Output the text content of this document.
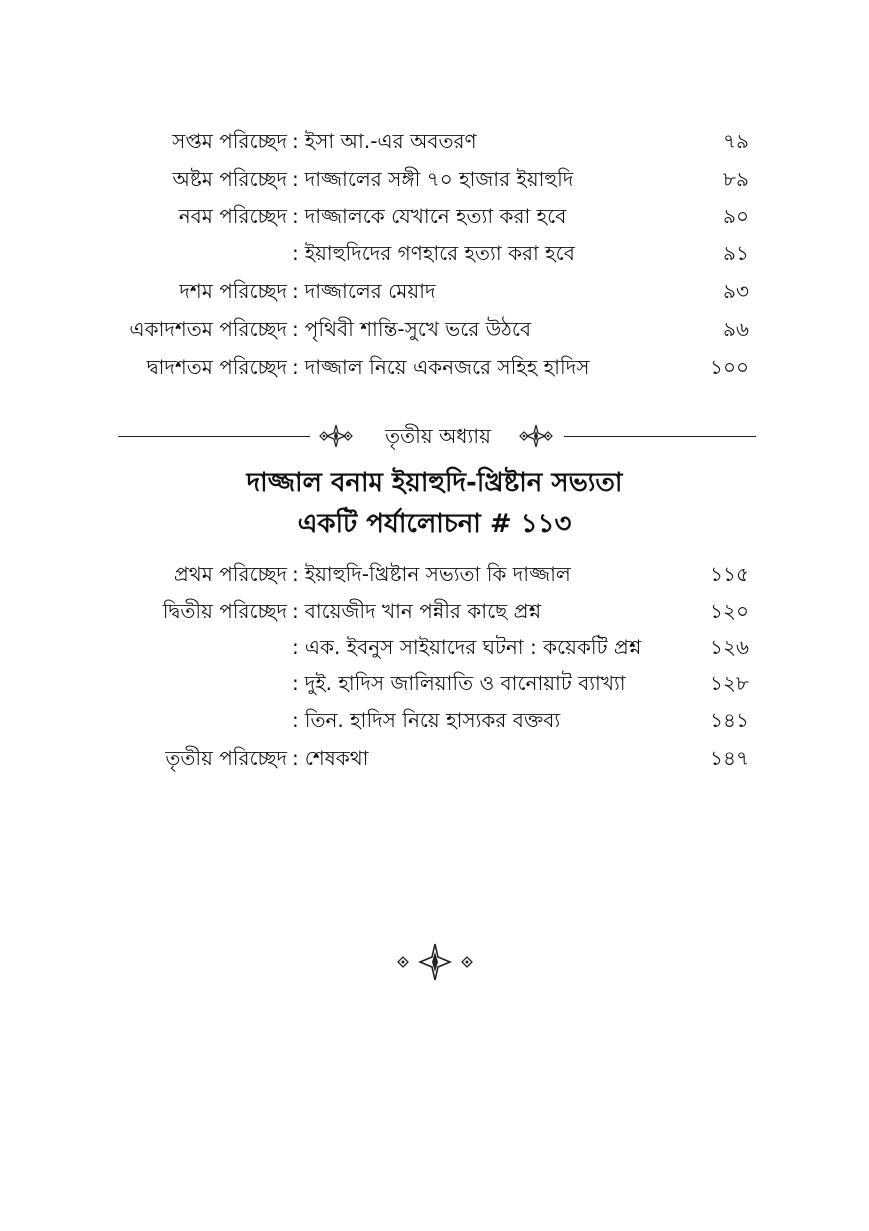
সপ্তম পরিচ্ছেদ : ইসা আ.-এর অবতরণ	৭৯
অষ্টম পরিচ্ছেদ : দাজ্জালের সঙ্গী ৭০ হাজার ইয়াহুদি	৮৯
নবম পরিচ্ছেদ : দাজ্জালকে যেখানে হত্যা করা হবে	৯০
: ইয়াহুদিদের গণহারে হত্যা করা হবে	৯১
দশম পরিচ্ছেদ : দাজ্জালের মেয়াদ	৯৩
একাদশতম পরিচ্ছেদ : পৃথিবী শান্তি-সুখে ভরে উঠবে	৯৬
দ্বাদশতম পরিচ্ছেদ : দাজ্জাল নিয়ে একনজরে সহিহ হাদিস	১০০
তৃতীয় অধ্যায়
দাজ্জাল বনাম ইয়াহুদি-খ্রিষ্টান সভ্যতা
একটি পর্যালোচনা # ১১৩
প্রথম পরিচ্ছেদ : ইয়াহুদি-খ্রিষ্টান সভ্যতা কি দাজ্জাল	১১৫
দ্বিতীয় পরিচ্ছেদ : বায়েজীদ খান পন্নীর কাছে প্রশ্ন	১২০
: এক. ইবনুস সাইয়াদের ঘটনা : কয়েকটি প্রশ্ন	১২৬
: দুই. হাদিস জালিয়াতি ও বানোয়াট ব্যাখ্যা	১২৮
: তিন. হাদিস নিয়ে হাস্যকর বক্তব্য	১৪১
তৃতীয় পরিচ্ছেদ : শেষকথা	১৪৭
